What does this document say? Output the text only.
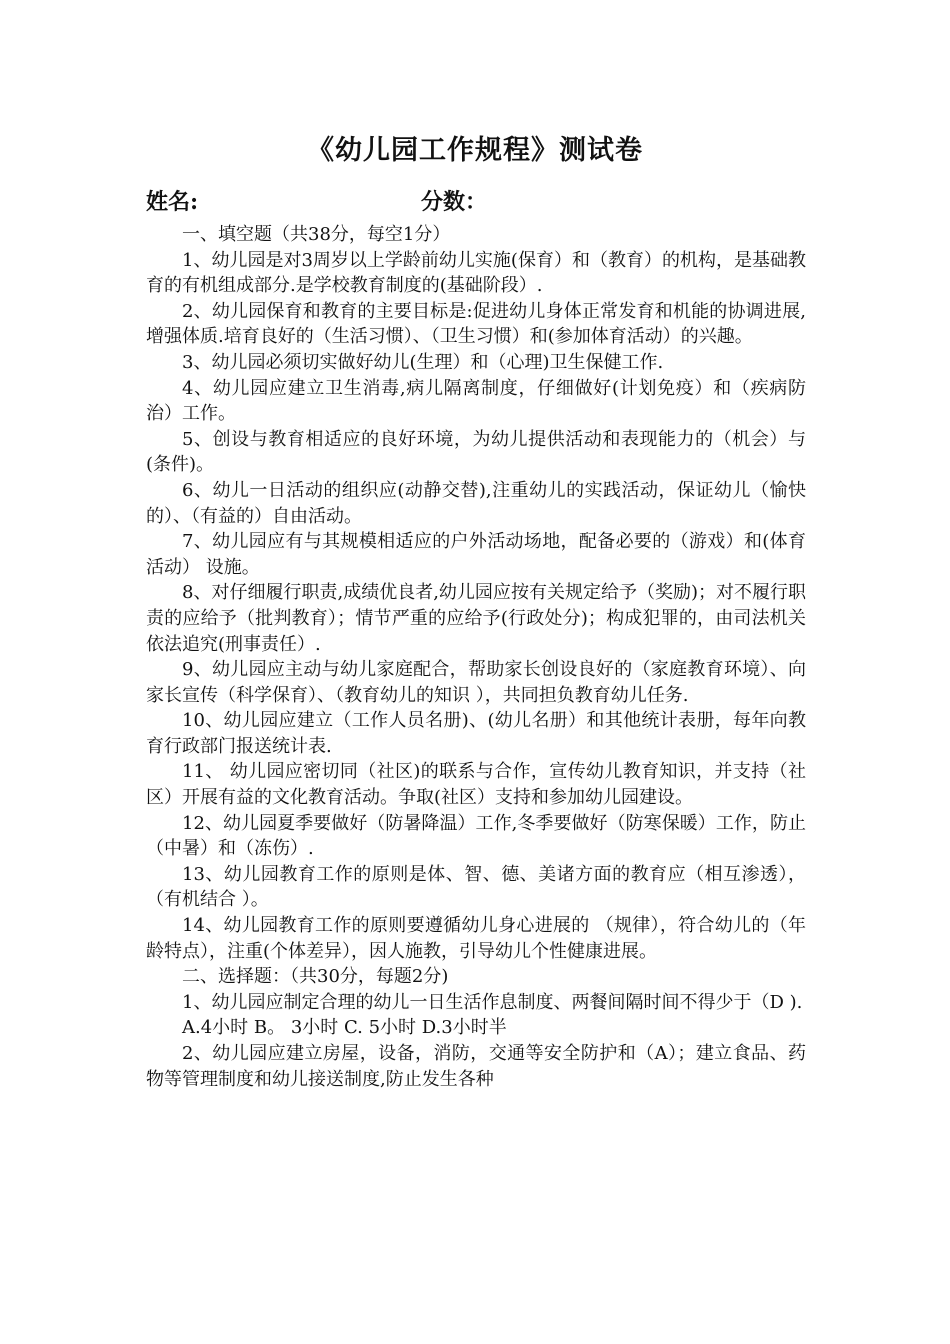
《幼儿园工作规程》测试卷
姓名:	分数：

一、填空题（共38分，每空1分）

1、幼儿园是对3周岁以上学龄前幼儿实施(保育）和（教育）的机构，是基础教育的有机组成部分.是学校教育制度的(基础阶段）.

2、幼儿园保育和教育的主要目标是:促进幼儿身体正常发育和机能的协调进展,增强体质.培育良好的（生活习惯）、（卫生习惯）和(参加体育活动）的兴趣。

3、幼儿园必须切实做好幼儿(生理）和（心理)卫生保健工作.

4、幼儿园应建立卫生消毒,病儿隔离制度，仔细做好(计划免疫）和（疾病防治）工作。

5、创设与教育相适应的良好环境，为幼儿提供活动和表现能力的（机会）与(条件)。

6、幼儿一日活动的组织应(动静交替),注重幼儿的实践活动，保证幼儿（愉快的）、（有益的）自由活动。

7、幼儿园应有与其规模相适应的户外活动场地，配备必要的（游戏）和(体育活动） 设施。

8、对仔细履行职责,成绩优良者,幼儿园应按有关规定给予（奖励)；对不履行职责的应给予（批判教育）；情节严重的应给予(行政处分)；构成犯罪的，由司法机关依法追究(刑事责任）.

9、幼儿园应主动与幼儿家庭配合，帮助家长创设良好的（家庭教育环境）、向家长宣传（科学保育）、（教育幼儿的知识 ），共同担负教育幼儿任务.

10、幼儿园应建立（工作人员名册)、(幼儿名册）和其他统计表册，每年向教育行政部门报送统计表.

11、 幼儿园应密切同（社区)的联系与合作，宣传幼儿教育知识，并支持（社区）开展有益的文化教育活动。争取(社区）支持和参加幼儿园建设。

12、幼儿园夏季要做好（防暑降温）工作,冬季要做好（防寒保暖）工作，防止（中暑）和（冻伤）.

13、幼儿园教育工作的原则是体、智、德、美诸方面的教育应（相互渗透），（有机结合 ）。

14、幼儿园教育工作的原则要遵循幼儿身心进展的 （规律），符合幼儿的（年龄特点），注重(个体差异），因人施教，引导幼儿个性健康进展。

二、选择题：（共30分，每题2分)

1、幼儿园应制定合理的幼儿一日生活作息制度、两餐间隔时间不得少于（D ).

A.4小时 B。 3小时 C. 5小时 D.3小时半

2、幼儿园应建立房屋，设备，消防，交通等安全防护和（A）；建立食品、药物等管理制度和幼儿接送制度,防止发生各种
